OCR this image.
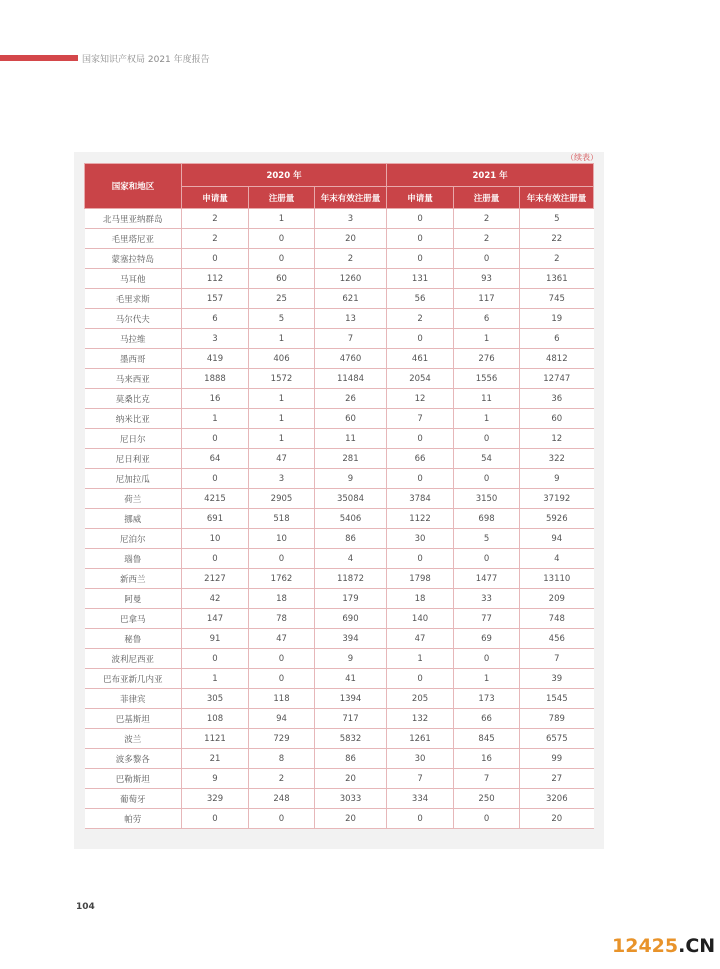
国家知识产权局 2021 年度报告
（续表）
国家和地区	2020 年			2021 年		
	申请量	注册量	年末有效注册量	申请量	注册量	年末有效注册量
北马里亚纳群岛	2	1	3	0	2	5
毛里塔尼亚	2	0	20	0	2	22
蒙塞拉特岛	0	0	2	0	0	2
马耳他	112	60	1260	131	93	1361
毛里求斯	157	25	621	56	117	745
马尔代夫	6	5	13	2	6	19
马拉维	3	1	7	0	1	6
墨西哥	419	406	4760	461	276	4812
马来西亚	1888	1572	11484	2054	1556	12747
莫桑比克	16	1	26	12	11	36
纳米比亚	1	1	60	7	1	60
尼日尔	0	1	11	0	0	12
尼日利亚	64	47	281	66	54	322
尼加拉瓜	0	3	9	0	0	9
荷兰	4215	2905	35084	3784	3150	37192
挪威	691	518	5406	1122	698	5926
尼泊尔	10	10	86	30	5	94
瑙鲁	0	0	4	0	0	4
新西兰	2127	1762	11872	1798	1477	13110
阿曼	42	18	179	18	33	209
巴拿马	147	78	690	140	77	748
秘鲁	91	47	394	47	69	456
波利尼西亚	0	0	9	1	0	7
巴布亚新几内亚	1	0	41	0	1	39
菲律宾	305	118	1394	205	173	1545
巴基斯坦	108	94	717	132	66	789
波兰	1121	729	5832	1261	845	6575
波多黎各	21	8	86	30	16	99
巴勒斯坦	9	2	20	7	7	27
葡萄牙	329	248	3033	334	250	3206
帕劳	0	0	20	0	0	20
104
12425.CN
